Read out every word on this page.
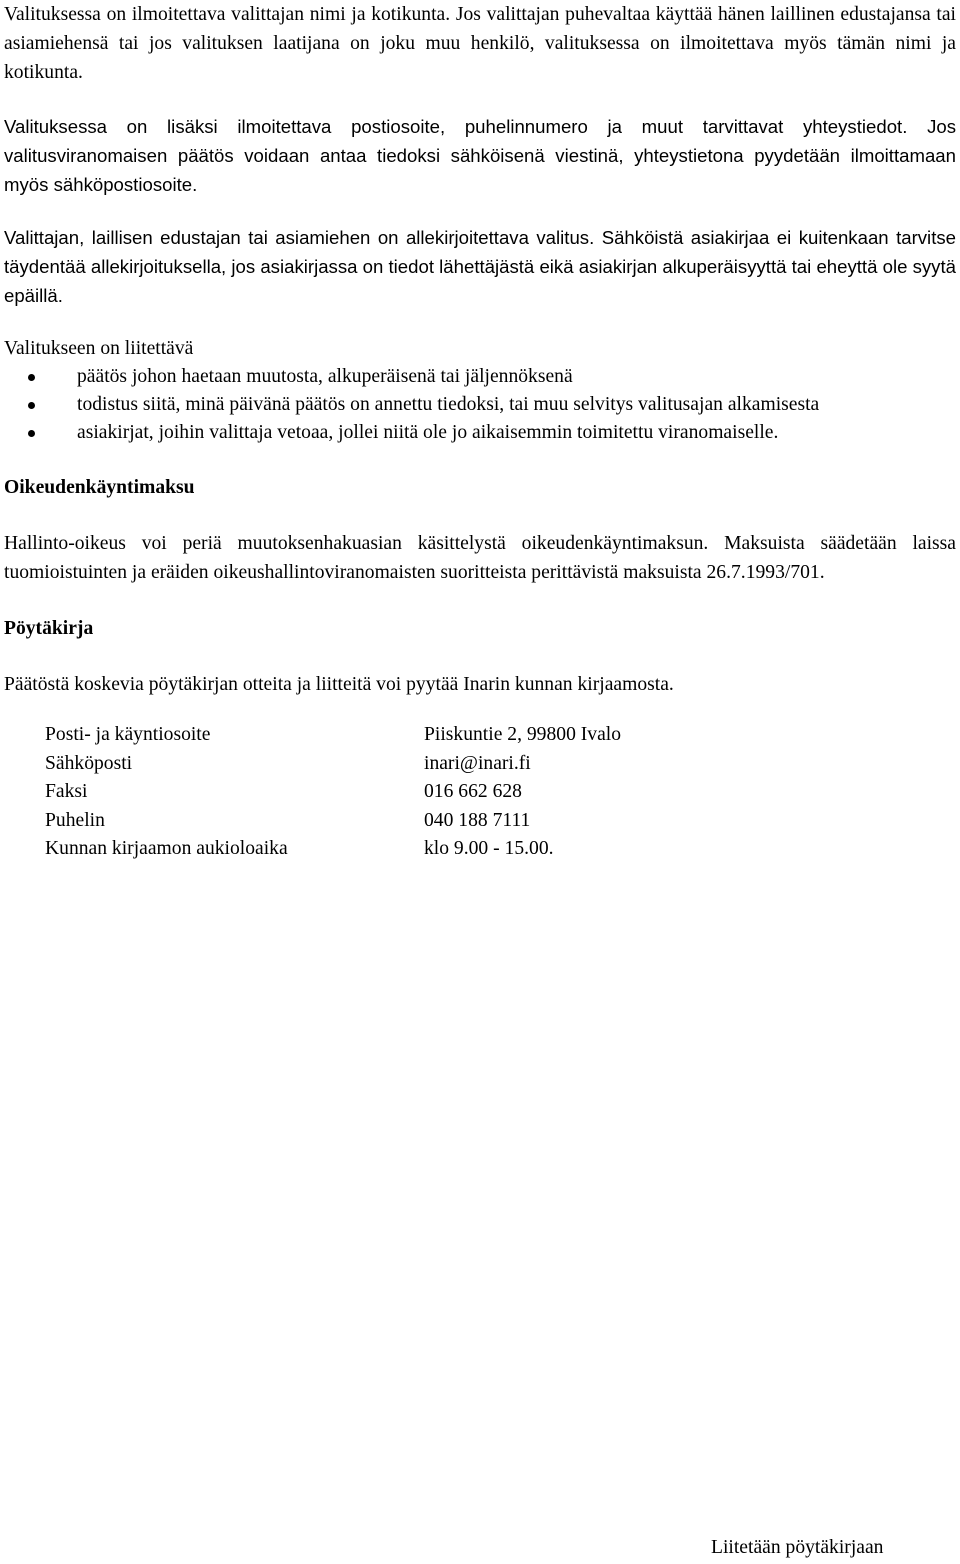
Valituksessa on ilmoitettava valittajan nimi ja kotikunta. Jos valittajan puhevaltaa käyttää hänen laillinen edustajansa tai asiamiehensä tai jos valituksen laatijana on joku muu henkilö, valituksessa on ilmoitettava myös tämän nimi ja kotikunta.

Valituksessa on lisäksi ilmoitettava postiosoite, puhelinnumero ja muut tarvittavat yhteystiedot. Jos valitusviranomaisen päätös voidaan antaa tiedoksi sähköisenä viestinä, yhteystietona pyydetään ilmoittamaan myös sähköpostiosoite.

Valittajan, laillisen edustajan tai asiamiehen on allekirjoitettava valitus. Sähköistä asiakirjaa ei kuitenkaan tarvitse täydentää allekirjoituksella, jos asiakirjassa on tiedot lähettäjästä eikä asiakirjan alkuperäisyyttä tai eheyttä ole syytä epäillä.

Valitukseen on liitettävä

päätös johon haetaan muutosta, alkuperäisenä tai jäljennöksenä
todistus siitä, minä päivänä päätös on annettu tiedoksi, tai muu selvitys valitusajan alkamisesta
asiakirjat, joihin valittaja vetoaa, jollei niitä ole jo aikaisemmin toimitettu viranomaiselle.
Oikeudenkäyntimaksu

Hallinto-oikeus voi periä muutoksenhakuasian käsittelystä oikeudenkäyntimaksun. Maksuista säädetään laissa tuomioistuinten ja eräiden oikeushallintoviranomaisten suoritteista perittävistä maksuista 26.7.1993/701.

Pöytäkirja

Päätöstä koskevia pöytäkirjan otteita ja liitteitä voi pyytää Inarin kunnan kirjaamosta.

Posti- ja käyntiosoite	Piiskuntie 2, 99800 Ivalo
Sähköposti	inari@inari.fi
Faksi	016 662 628
Puhelin	040 188 7111
Kunnan kirjaamon aukioloaika	klo 9.00 - 15.00.
Liitetään pöytäkirjaan
